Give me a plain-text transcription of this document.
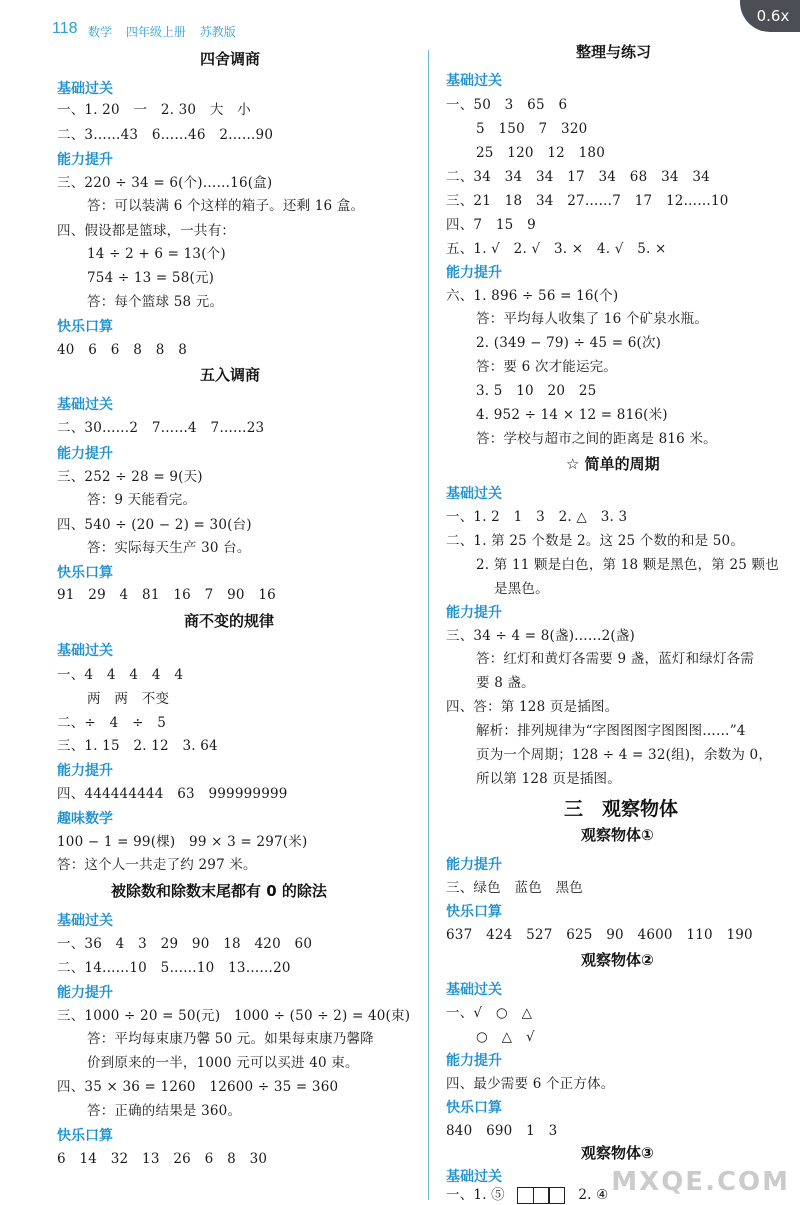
118 数学 四年级上册 苏教版
0.6x
四舍调商
基础过关
一、1. 20　一　2. 30　大　小
二、3……43　6……46　2……90
能力提升
三、220 ÷ 34 = 6(个)……16(盒)
答：可以装满 6 个这样的箱子。还剩 16 盒。
四、假设都是篮球，一共有：
14 ÷ 2 + 6 = 13(个)
754 ÷ 13 = 58(元)
答：每个篮球 58 元。
快乐口算
40　6　6　8　8　8
五入调商
基础过关
二、30……2　7……4　7……23
能力提升
三、252 ÷ 28 = 9(天)
答：9 天能看完。
四、540 ÷ (20 − 2) = 30(台)
答：实际每天生产 30 台。
快乐口算
91　29　4　81　16　7　90　16
商不变的规律
基础过关
一、4　4　4　4　4
两　两　不变
二、÷　4　÷　5
三、1. 15　2. 12　3. 64
能力提升
四、444444444　63　999999999
趣味数学
100 − 1 = 99(棵)　99 × 3 = 297(米)
答：这个人一共走了约 297 米。
被除数和除数末尾都有 0 的除法
基础过关
一、36　4　3　29　90　18　420　60
二、14……10　5……10　13……20
能力提升
三、1000 ÷ 20 = 50(元)　1000 ÷ (50 ÷ 2) = 40(束)
答：平均每束康乃馨 50 元。如果每束康乃馨降
价到原来的一半，1000 元可以买进 40 束。
四、35 × 36 = 1260　12600 ÷ 35 = 360
答：正确的结果是 360。
快乐口算
6　14　32　13　26　6　8　30
一、1. ⑤	2. ④
整理与练习
基础过关
一、50　3　65　6
5　150　7　320
25　120　12　180
二、34　34　34　17　34　68　34　34
三、21　18　34　27……7　17　12……10
四、7　15　9
五、1. √　2. √　3. ×　4. √　5. ×
能力提升
六、1. 896 ÷ 56 = 16(个)
答：平均每人收集了 16 个矿泉水瓶。
2. (349 − 79) ÷ 45 = 6(次)
答：要 6 次才能运完。
3. 5　10　20　25
4. 952 ÷ 14 × 12 = 816(米)
答：学校与超市之间的距离是 816 米。
☆ 简单的周期
基础过关
一、1. 2　1　3　2. △　3. 3
二、1. 第 25 个数是 2。这 25 个数的和是 50。
2. 第 11 颗是白色，第 18 颗是黑色，第 25 颗也
是黑色。
能力提升
三、34 ÷ 4 = 8(盏)……2(盏)
答：红灯和黄灯各需要 9 盏，蓝灯和绿灯各需
要 8 盏。
四、答：第 128 页是插图。
解析：排列规律为“字图图图字图图图……”4
页为一个周期；128 ÷ 4 = 32(组)，余数为 0，
所以第 128 页是插图。
三　观察物体
观察物体①
能力提升
三、绿色　蓝色　黑色
快乐口算
637　424　527　625　90　4600　110　190
观察物体②
基础过关
一、√　○　△
○　△　√
能力提升
四、最少需要 6 个正方体。
快乐口算
840　690　1　3
观察物体③
基础过关	MXQE.COM
